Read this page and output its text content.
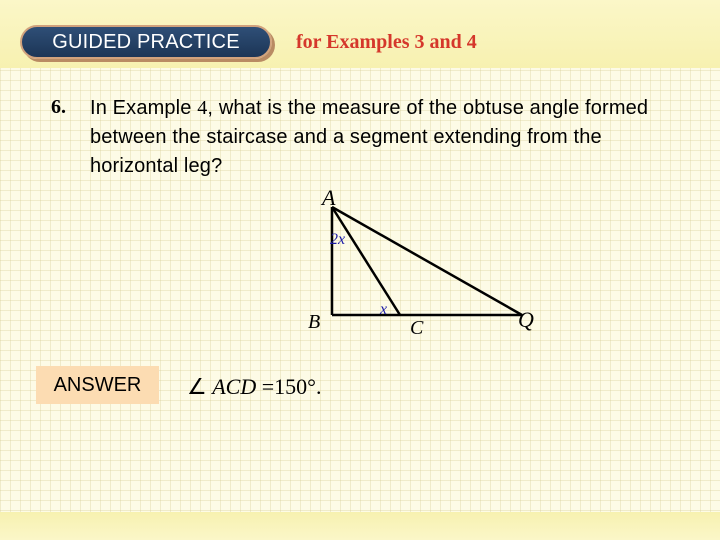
GUIDED PRACTICE	for Examples 3 and 4
6. In Example 4, what is the measure of the obtuse angle formed between the staircase and a segment extending from the horizontal leg?
A
2x
B
x
C	Q
ANSWER	∠ ACD =150°.
